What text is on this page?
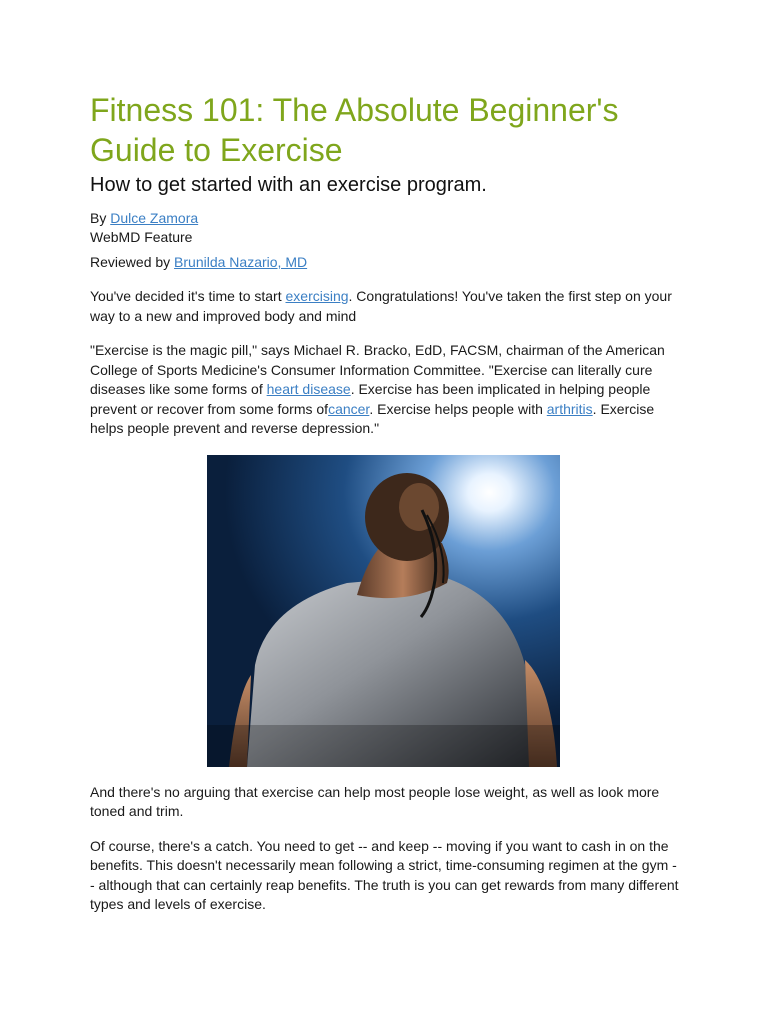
Fitness 101: The Absolute Beginner's Guide to Exercise
How to get started with an exercise program.

By Dulce Zamora

WebMD Feature

Reviewed by Brunilda Nazario, MD

You've decided it's time to start exercising. Congratulations! You've taken the first step on your way to a new and improved body and mind

"Exercise is the magic pill," says Michael R. Bracko, EdD, FACSM, chairman of the American College of Sports Medicine's Consumer Information Committee. "Exercise can literally cure diseases like some forms of heart disease. Exercise has been implicated in helping people prevent or recover from some forms ofcancer. Exercise helps people with arthritis. Exercise helps people prevent and reverse depression."

And there's no arguing that exercise can help most people lose weight, as well as look more toned and trim.

Of course, there's a catch. You need to get -- and keep -- moving if you want to cash in on the benefits. This doesn't necessarily mean following a strict, time-consuming regimen at the gym -- although that can certainly reap benefits. The truth is you can get rewards from many different types and levels of exercise.
